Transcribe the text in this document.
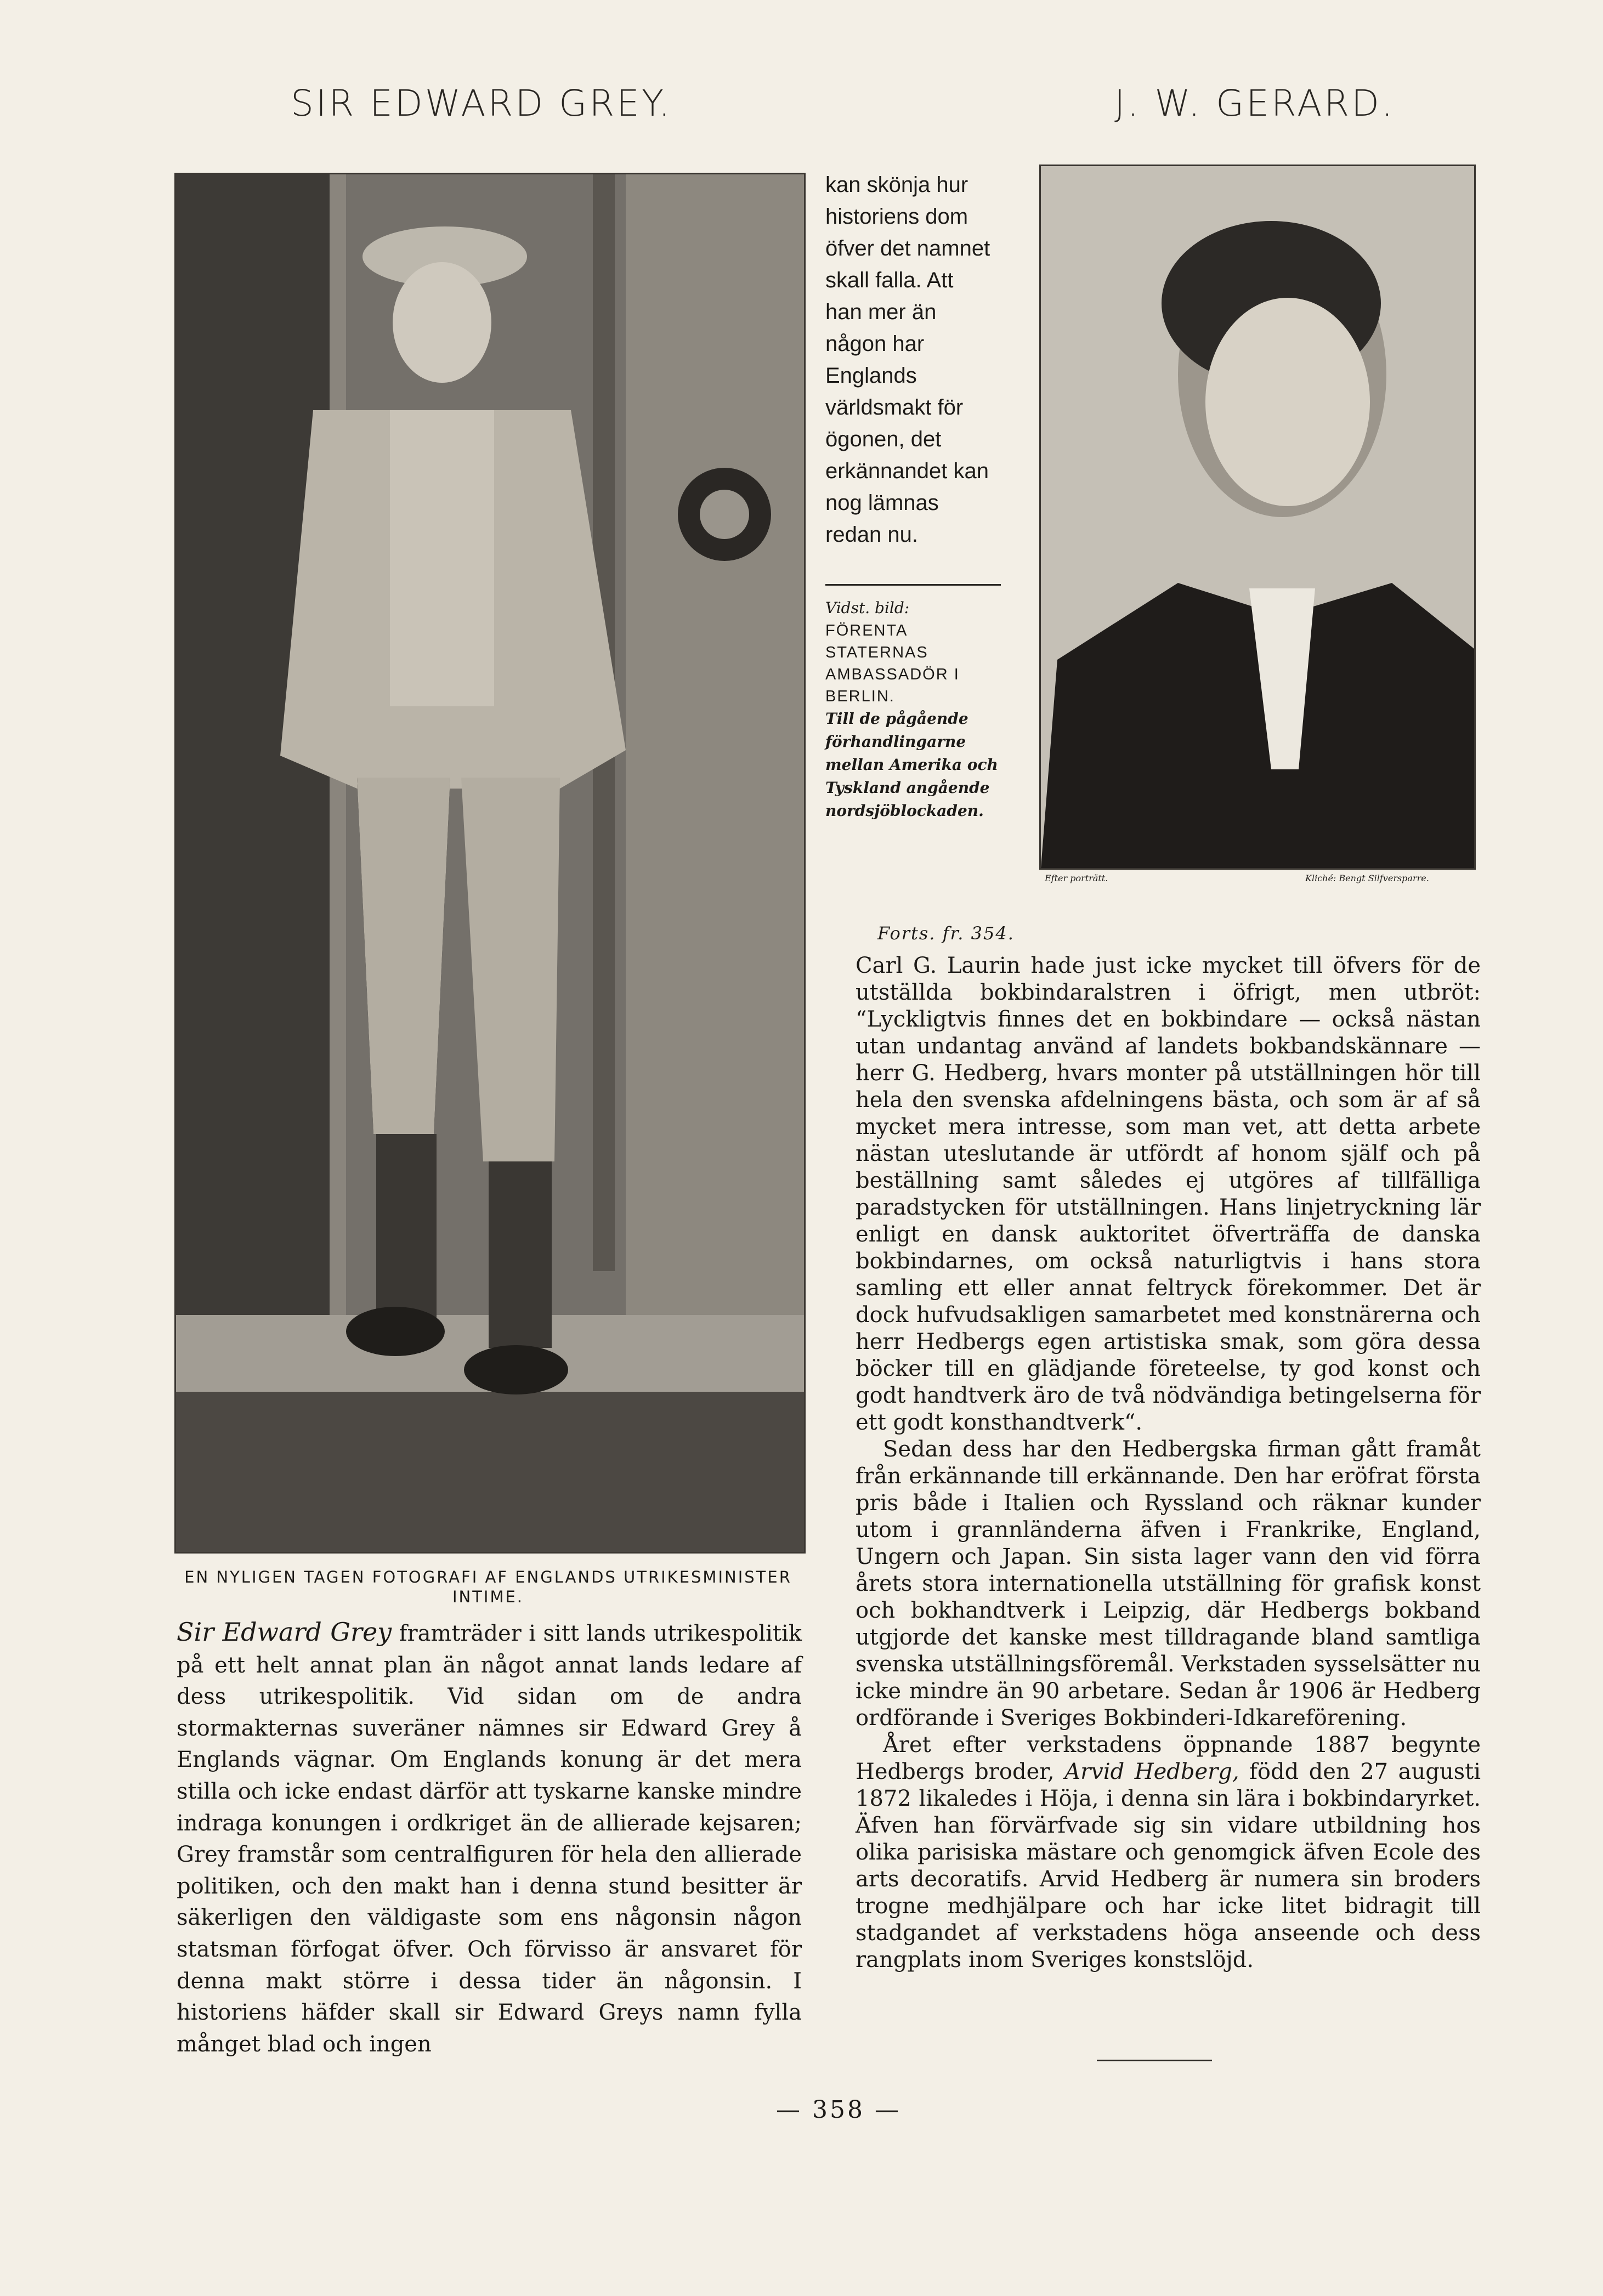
SIR EDWARD GREY.	J. W. GERARD.
EN NYLIGEN TAGEN FOTOGRAFI AF ENGLANDS UTRIKESMINISTER INTIME.
Efter porträtt.	Kliché: Bengt Silfversparre.
kan skönja hur historiens dom öfver det namnet skall falla. Att han mer än någon har Englands världsmakt för ögonen, det erkännandet kan nog lämnas redan nu.
Vidst. bild:
FÖRENTA STATERNAS AMBASSADÖR I BERLIN.
Till de pågående förhandlingarne mellan Amerika och Tyskland angående nordsjöblockaden.

Sir Edward Grey framträder i sitt lands utrikespolitik på ett helt annat plan än något annat lands ledare af dess utrikespolitik. Vid sidan om de andra stormakternas suveräner nämnes sir Edward Grey å Englands vägnar. Om Englands konung är det mera stilla och icke endast därför att tyskarne kanske mindre indraga konungen i ordkriget än de allierade kejsaren; Grey framstår som centralfiguren för hela den allierade politiken, och den makt han i denna stund besitter är säkerligen den väldigaste som ens någonsin någon statsman förfogat öfver. Och förvisso är ansvaret för denna makt större i dessa tider än någonsin. I historiens häfder skall sir Edward Greys namn fylla månget blad och ingen

Forts. fr. 354.

Carl G. Laurin hade just icke mycket till öfvers för de utställda bokbindaralstren i öfrigt, men utbröt: “Lyckligtvis finnes det en bokbindare — också nästan utan undantag använd af landets bokbandskännare — herr G. Hedberg, hvars monter på utställningen hör till hela den svenska afdelningens bästa, och som är af så mycket mera intresse, som man vet, att detta arbete nästan uteslutande är utfördt af honom själf och på beställning samt således ej utgöres af tillfälliga paradstycken för utställningen. Hans linjetryckning lär enligt en dansk auktoritet öfverträffa de danska bokbindarnes, om också naturligtvis i hans stora samling ett eller annat feltryck förekommer. Det är dock hufvudsakligen samarbetet med konstnärerna och herr Hedbergs egen artistiska smak, som göra dessa böcker till en glädjande företeelse, ty god konst och godt handtverk äro de två nödvändiga betingelserna för ett godt konsthandtverk“.

Sedan dess har den Hedbergska firman gått framåt från erkännande till erkännande. Den har eröfrat första pris både i Italien och Ryssland och räknar kunder utom i grannländerna äfven i Frankrike, England, Ungern och Japan. Sin sista lager vann den vid förra årets stora internationella utställning för grafisk konst och bokhandtverk i Leipzig, där Hedbergs bokband utgjorde det kanske mest tilldragande bland samtliga svenska utställningsföremål. Verkstaden sysselsätter nu icke mindre än 90 arbetare. Sedan år 1906 är Hedberg ordförande i Sveriges Bokbinderi-Idkareförening.

Året efter verkstadens öppnande 1887 begynte Hedbergs broder, Arvid Hedberg, född den 27 augusti 1872 likaledes i Höja, i denna sin lära i bokbindaryrket. Äfven han förvärfvade sig sin vidare utbildning hos olika parisiska mästare och genomgick äfven Ecole des arts decoratifs. Arvid Hedberg är numera sin broders trogne medhjälpare och har icke litet bidragit till stadgandet af verkstadens höga anseende och dess rangplats inom Sveriges konstslöjd.

— 358 —
